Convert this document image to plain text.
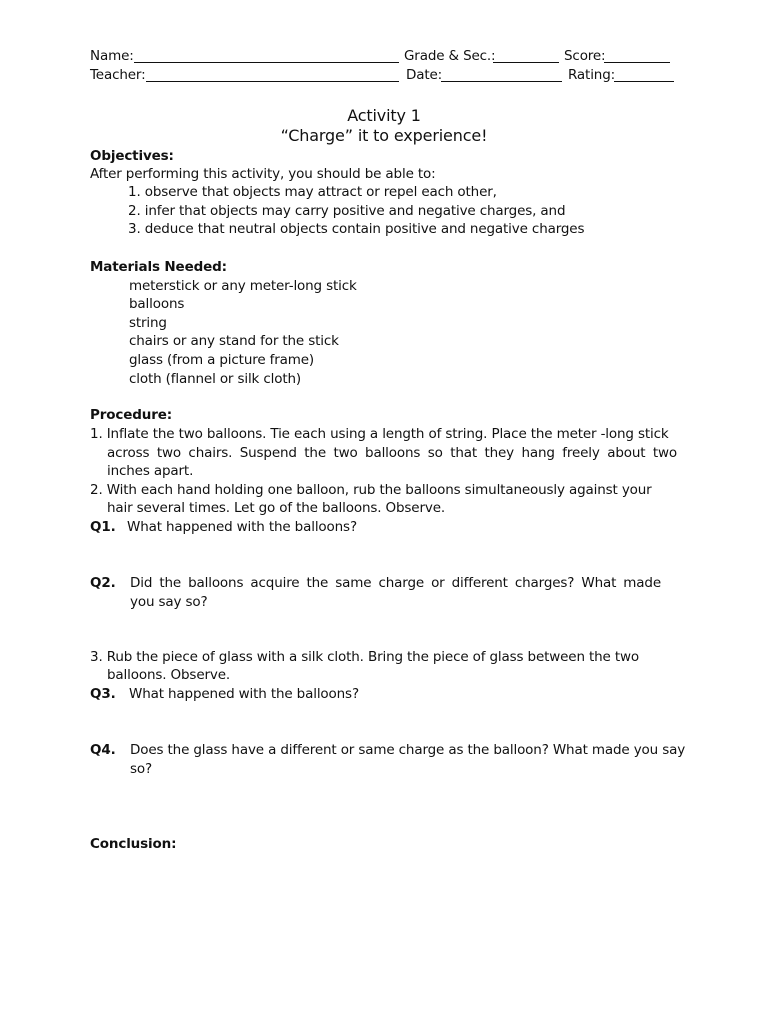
Name:	Grade & Sec.:	Score:
Teacher:	Date:	Rating:
Activity 1
“Charge” it to experience!
Objectives:
After performing this activity, you should be able to:
1. observe that objects may attract or repel each other,
2. infer that objects may carry positive and negative charges, and
3. deduce that neutral objects contain positive and negative charges
Materials Needed:
meterstick or any meter-long stick
balloons
string
chairs or any stand for the stick
glass (from a picture frame)
cloth (flannel or silk cloth)
Procedure:
1. Inflate the two balloons. Tie each using a length of string. Place the meter -long stick
across two chairs. Suspend the two balloons so that they hang freely about two
inches apart.
2. With each hand holding one balloon, rub the balloons simultaneously against your
hair several times. Let go of the balloons. Observe.
Q1. What happened with the balloons?
Q2. Did the balloons acquire the same charge or different charges? What made
you say so?
3. Rub the piece of glass with a silk cloth. Bring the piece of glass between the two
balloons. Observe.
Q3. What happened with the balloons?
Q4. Does the glass have a different or same charge as the balloon? What made you say
so?
Conclusion:
